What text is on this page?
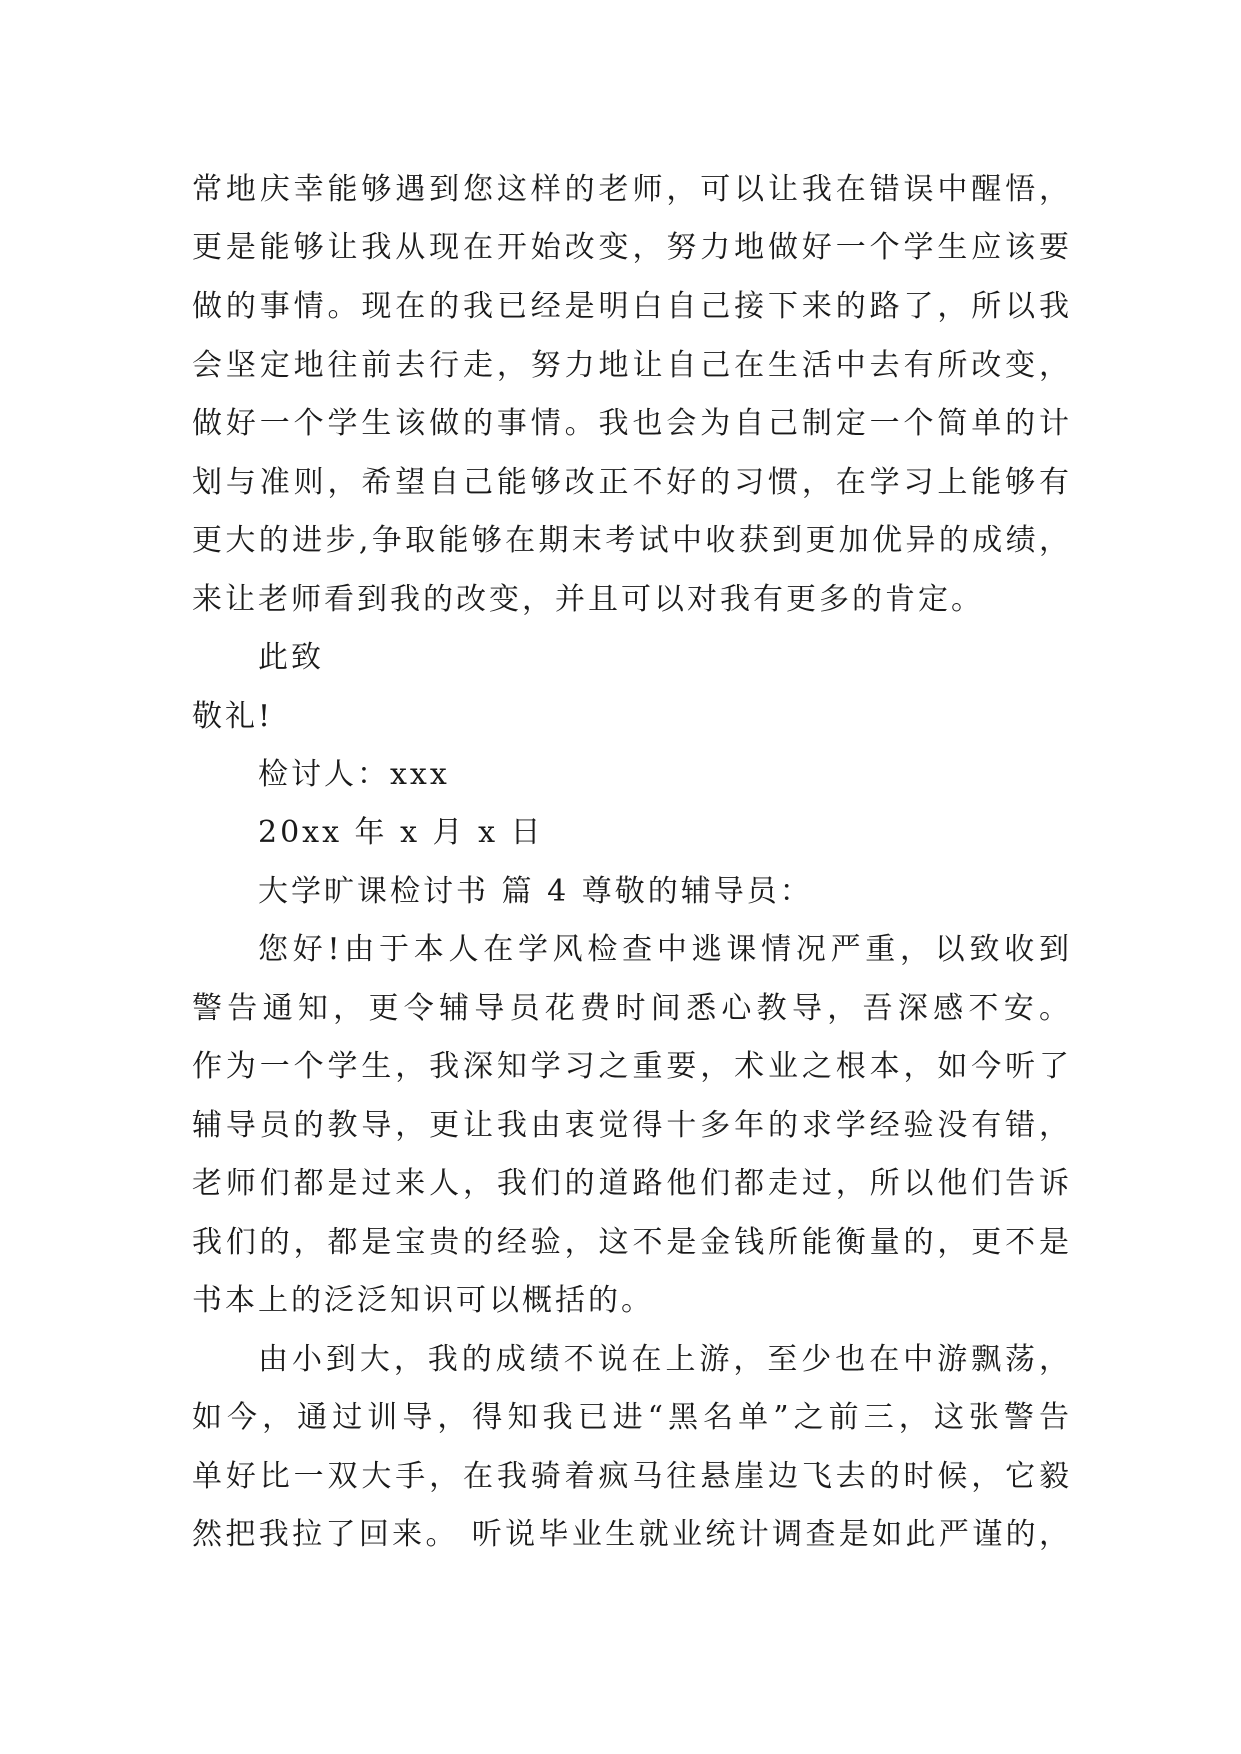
常地庆幸能够遇到您这样的老师，可以让我在错误中醒悟，
更是能够让我从现在开始改变，努力地做好一个学生应该要
做的事情。现在的我已经是明白自己接下来的路了，所以我
会坚定地往前去行走，努力地让自己在生活中去有所改变，
做好一个学生该做的事情。我也会为自己制定一个简单的计
划与准则，希望自己能够改正不好的习惯，在学习上能够有
更大的进步,争取能够在期末考试中收获到更加优异的成绩，
来让老师看到我的改变，并且可以对我有更多的肯定。
此致
敬礼!
检讨人：xxx
20xx 年 x 月 x 日
大学旷课检讨书 篇 4 尊敬的辅导员：
您好!由于本人在学风检查中逃课情况严重，以致收到
警告通知，更令辅导员花费时间悉心教导，吾深感不安。
作为一个学生，我深知学习之重要，术业之根本，如今听了
辅导员的教导，更让我由衷觉得十多年的求学经验没有错，
老师们都是过来人，我们的道路他们都走过，所以他们告诉
我们的，都是宝贵的经验，这不是金钱所能衡量的，更不是
书本上的泛泛知识可以概括的。
由小到大，我的成绩不说在上游，至少也在中游飘荡，
如今，通过训导，得知我已进“黑名单”之前三，这张警告
单好比一双大手，在我骑着疯马往悬崖边飞去的时候，它毅
然把我拉了回来。 听说毕业生就业统计调查是如此严谨的，
